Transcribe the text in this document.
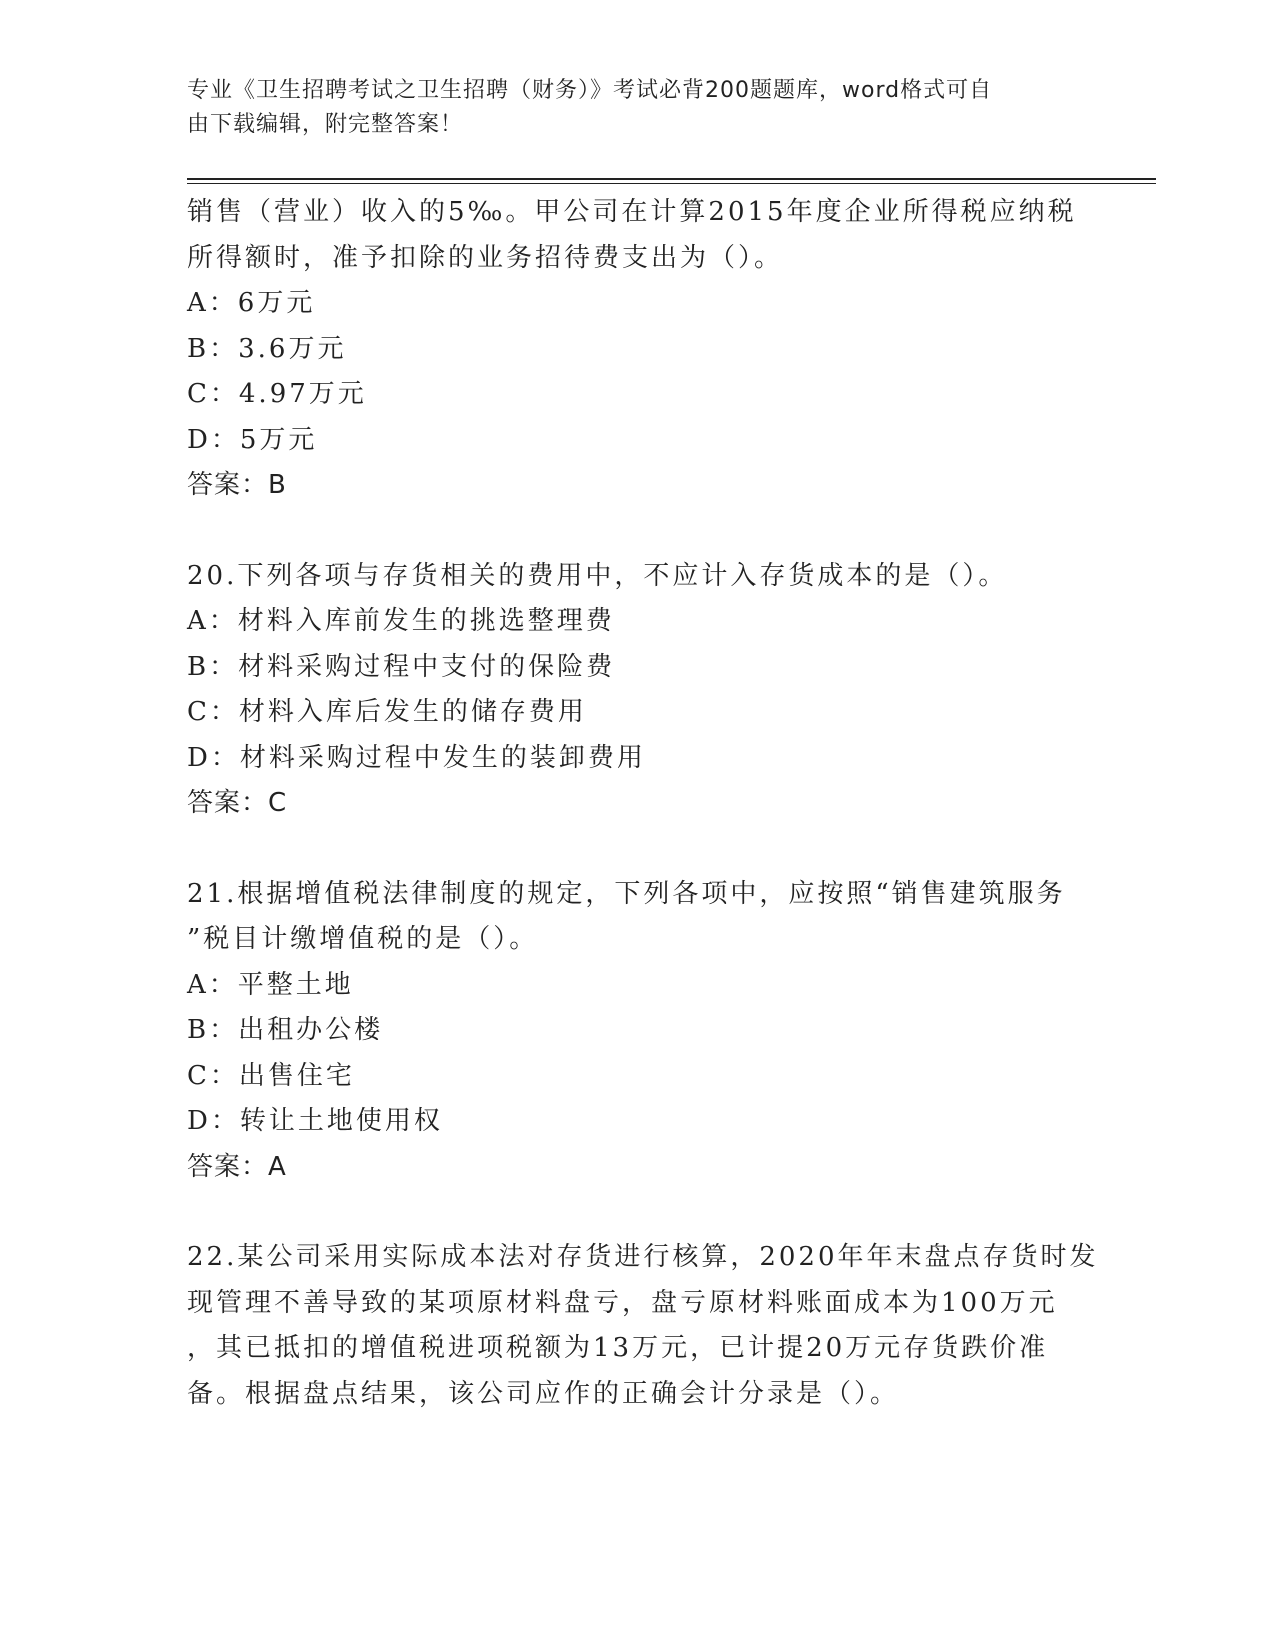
专业《卫生招聘考试之卫生招聘（财务）》考试必背200题题库，word格式可自
由下载编辑，附完整答案！
销售（营业）收入的5‰。甲公司在计算2015年度企业所得税应纳税
所得额时，准予扣除的业务招待费支出为（）。
A：6万元
B：3.6万元
C：4.97万元
D：5万元
答案：B
20.下列各项与存货相关的费用中，不应计入存货成本的是（）。
A：材料入库前发生的挑选整理费
B：材料采购过程中支付的保险费
C：材料入库后发生的储存费用
D：材料采购过程中发生的装卸费用
答案：C
21.根据增值税法律制度的规定，下列各项中，应按照“销售建筑服务
”税目计缴增值税的是（）。
A：平整土地
B：出租办公楼
C：出售住宅
D：转让土地使用权
答案：A
22.某公司采用实际成本法对存货进行核算，2020年年末盘点存货时发
现管理不善导致的某项原材料盘亏，盘亏原材料账面成本为100万元
，其已抵扣的增值税进项税额为13万元，已计提20万元存货跌价准
备。根据盘点结果，该公司应作的正确会计分录是（）。
